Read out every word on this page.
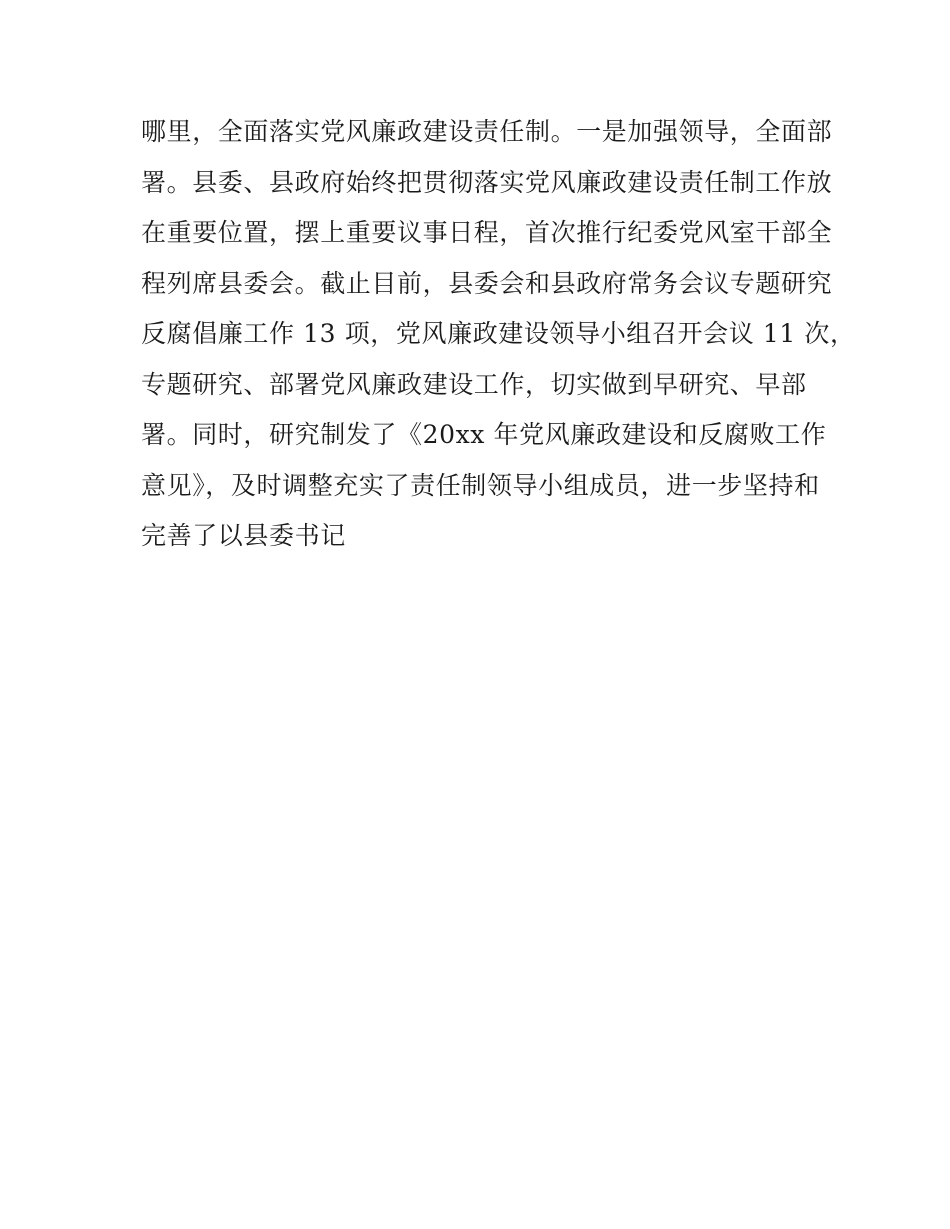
哪里，全面落实党风廉政建设责任制。一是加强领导，全面部
署。县委、县政府始终把贯彻落实党风廉政建设责任制工作放
在重要位置，摆上重要议事日程，首次推行纪委党风室干部全
程列席县委会。截止目前，县委会和县政府常务会议专题研究
反腐倡廉工作 13 项，党风廉政建设领导小组召开会议 11 次，
专题研究、部署党风廉政建设工作，切实做到早研究、早部
署。同时，研究制发了《20xx 年党风廉政建设和反腐败工作
意见》，及时调整充实了责任制领导小组成员，进一步坚持和
完善了以县委书记
